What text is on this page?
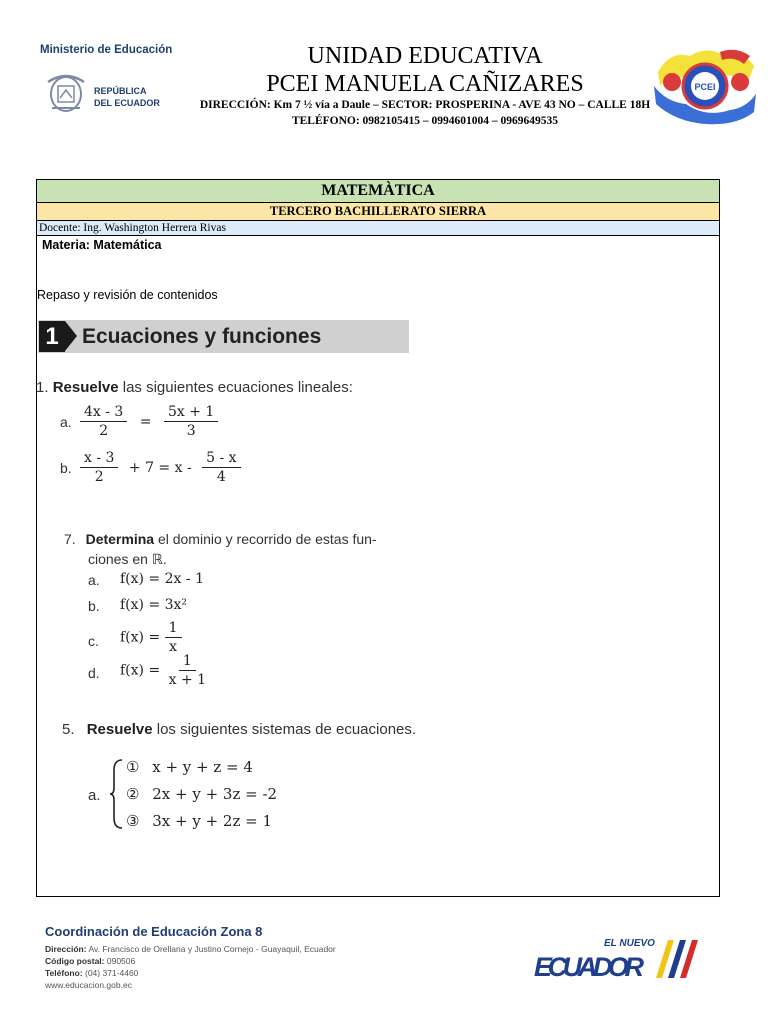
Ministerio de Educación
REPÚBLICA
DEL ECUADOR
UNIDAD EDUCATIVA
PCEI MANUELA CAÑIZARES
DIRECCIÓN: Km 7 ½ vía a Daule – SECTOR: PROSPERINA - AVE 43 NO – CALLE 18H
TELÉFONO: 0982105415 – 0994601004 – 0969649535
PCEI
MATEMÀTICA
TERCERO BACHILLERATO SIERRA
Docente: Ing. Washington Herrera Rivas
Materia: Matemática
Repaso y revisión de contenidos
1	Ecuaciones y funciones
1. Resuelve las siguientes ecuaciones lineales:
a. $\frac{4x - 3}{2} = \frac{5x + 1}{3}$
b. $\frac{x - 3}{2} + 7 = x - \frac{5 - x}{4}$
7. Determina el dominio y recorrido de estas fun-
ciones en ℝ.
a. f(x) = 2x - 1
b. f(x) = 3x²
c. $f(x) = \frac{1}{x}$
d. $f(x) = \frac{1}{x + 1}$
5. Resuelve los siguientes sistemas de ecuaciones.
a.
① x + y + z = 4
② 2x + y + 3z = -2
③ 3x + y + 2z = 1
Coordinación de Educación Zona 8
Dirección: Av. Francisco de Orellana y Justino Cornejo - Guayaquil, Ecuador
Código postal: 090506
Teléfono: (04) 371-4460
www.educacion.gob.ec
EL NUEVO
ECUADOR
